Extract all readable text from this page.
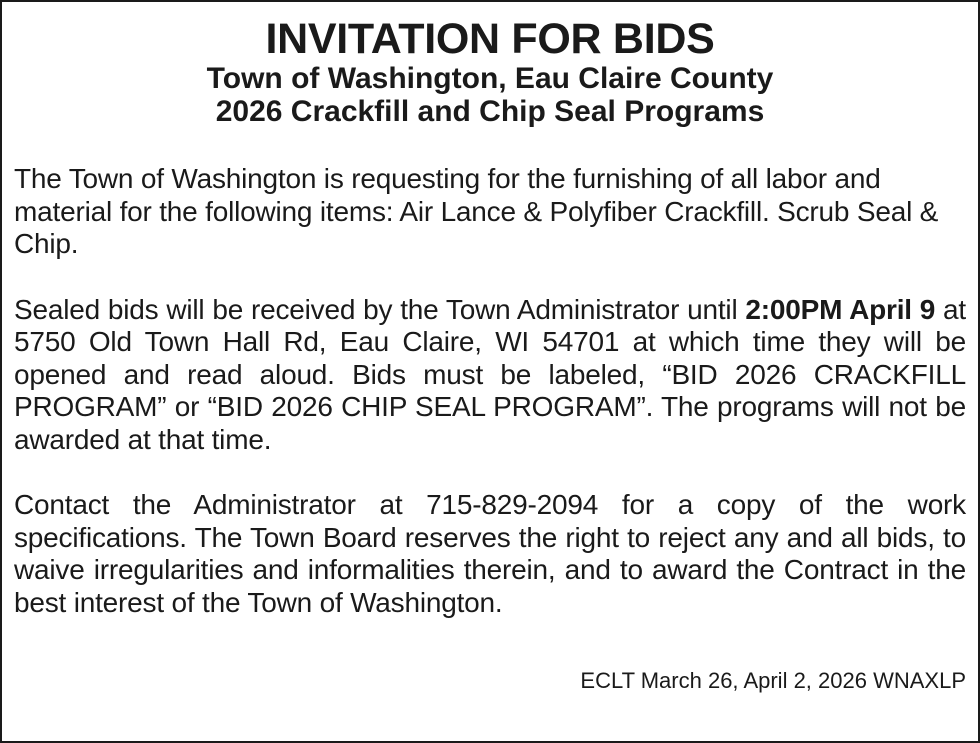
INVITATION FOR BIDS
Town of Washington, Eau Claire County
2026 Crackfill and Chip Seal Programs

The Town of Washington is requesting for the furnishing of all labor and material for the following items: Air Lance & Polyfiber Crackfill. Scrub Seal & Chip.

Sealed bids will be received by the Town Administrator until 2:00PM April 9 at 5750 Old Town Hall Rd, Eau Claire, WI 54701 at which time they will be opened and read aloud. Bids must be labeled, “BID 2026 CRACKFILL PROGRAM” or “BID 2026 CHIP SEAL PROGRAM”. The programs will not be awarded at that time.

Contact the Administrator at 715-829-2094 for a copy of the work specifications. The Town Board reserves the right to reject any and all bids, to waive irregularities and informalities therein, and to award the Contract in the best interest of the Town of Washington.

ECLT March 26, April 2, 2026 WNAXLP
